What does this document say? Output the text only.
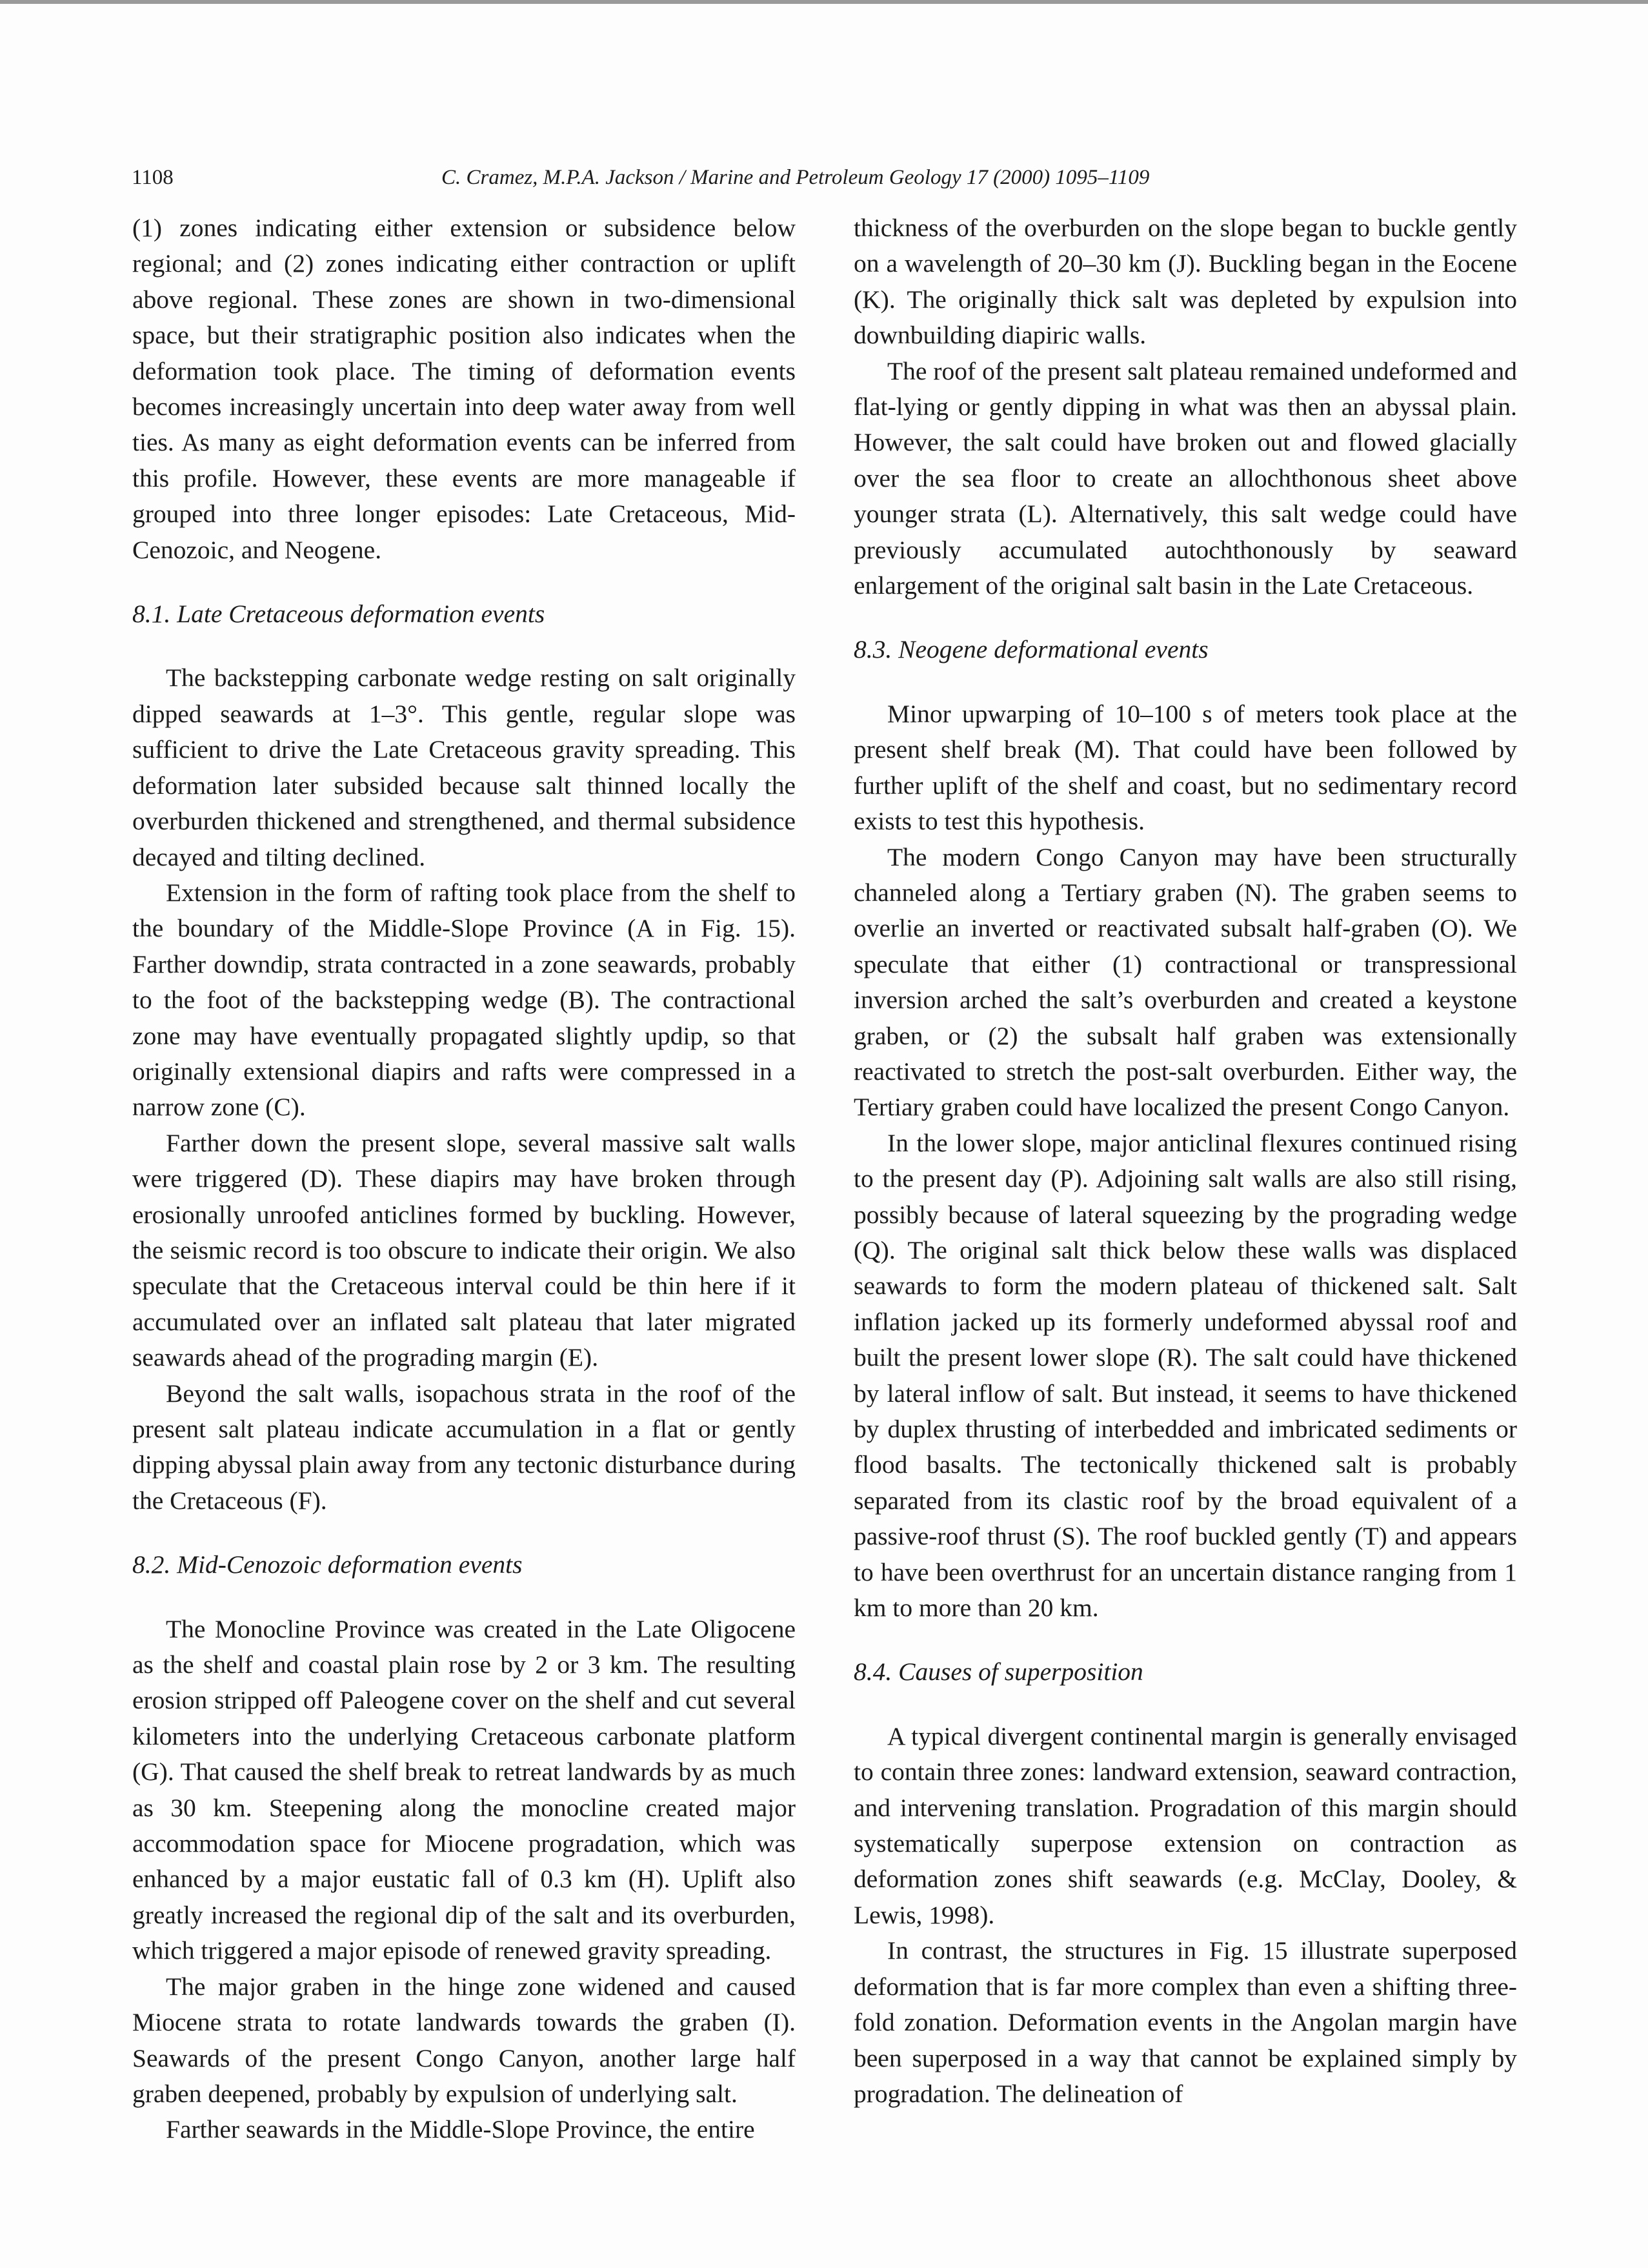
1108	C. Cramez, M.P.A. Jackson / Marine and Petroleum Geology 17 (2000) 1095–1109

(1) zones indicating either extension or subsidence below regional; and (2) zones indicating either contraction or uplift above regional. These zones are shown in two-dimensional space, but their stratigraphic position also indicates when the deformation took place. The timing of deformation events becomes increasingly uncertain into deep water away from well ties. As many as eight deformation events can be inferred from this profile. However, these events are more manageable if grouped into three longer episodes: Late Cretaceous, Mid-Cenozoic, and Neogene.

8.1. Late Cretaceous deformation events

The backstepping carbonate wedge resting on salt originally dipped seawards at 1–3°. This gentle, regular slope was sufficient to drive the Late Cretaceous gravity spreading. This deformation later subsided because salt thinned locally the overburden thickened and strengthened, and thermal subsidence decayed and tilting declined.

Extension in the form of rafting took place from the shelf to the boundary of the Middle-Slope Province (A in Fig. 15). Farther downdip, strata contracted in a zone seawards, probably to the foot of the backstepping wedge (B). The contractional zone may have eventually propagated slightly updip, so that originally extensional diapirs and rafts were compressed in a narrow zone (C).

Farther down the present slope, several massive salt walls were triggered (D). These diapirs may have broken through erosionally unroofed anticlines formed by buckling. However, the seismic record is too obscure to indicate their origin. We also speculate that the Cretaceous interval could be thin here if it accumulated over an inflated salt plateau that later migrated seawards ahead of the prograding margin (E).

Beyond the salt walls, isopachous strata in the roof of the present salt plateau indicate accumulation in a flat or gently dipping abyssal plain away from any tectonic disturbance during the Cretaceous (F).

8.2. Mid-Cenozoic deformation events

The Monocline Province was created in the Late Oligocene as the shelf and coastal plain rose by 2 or 3 km. The resulting erosion stripped off Paleogene cover on the shelf and cut several kilometers into the underlying Cretaceous carbonate platform (G). That caused the shelf break to retreat landwards by as much as 30 km. Steepening along the monocline created major accommodation space for Miocene progradation, which was enhanced by a major eustatic fall of 0.3 km (H). Uplift also greatly increased the regional dip of the salt and its overburden, which triggered a major episode of renewed gravity spreading.

The major graben in the hinge zone widened and caused Miocene strata to rotate landwards towards the graben (I). Seawards of the present Congo Canyon, another large half graben deepened, probably by expulsion of underlying salt.

Farther seawards in the Middle-Slope Province, the entire

thickness of the overburden on the slope began to buckle gently on a wavelength of 20–30 km (J). Buckling began in the Eocene (K). The originally thick salt was depleted by expulsion into downbuilding diapiric walls.

The roof of the present salt plateau remained undeformed and flat-lying or gently dipping in what was then an abyssal plain. However, the salt could have broken out and flowed glacially over the sea floor to create an allochthonous sheet above younger strata (L). Alternatively, this salt wedge could have previously accumulated autochthonously by seaward enlargement of the original salt basin in the Late Cretaceous.

8.3. Neogene deformational events

Minor upwarping of 10–100 s of meters took place at the present shelf break (M). That could have been followed by further uplift of the shelf and coast, but no sedimentary record exists to test this hypothesis.

The modern Congo Canyon may have been structurally channeled along a Tertiary graben (N). The graben seems to overlie an inverted or reactivated subsalt half-graben (O). We speculate that either (1) contractional or transpressional inversion arched the salt’s overburden and created a keystone graben, or (2) the subsalt half graben was extensionally reactivated to stretch the post-salt overburden. Either way, the Tertiary graben could have localized the present Congo Canyon.

In the lower slope, major anticlinal flexures continued rising to the present day (P). Adjoining salt walls are also still rising, possibly because of lateral squeezing by the prograding wedge (Q). The original salt thick below these walls was displaced seawards to form the modern plateau of thickened salt. Salt inflation jacked up its formerly undeformed abyssal roof and built the present lower slope (R). The salt could have thickened by lateral inflow of salt. But instead, it seems to have thickened by duplex thrusting of interbedded and imbricated sediments or flood basalts. The tectonically thickened salt is probably separated from its clastic roof by the broad equivalent of a passive-roof thrust (S). The roof buckled gently (T) and appears to have been overthrust for an uncertain distance ranging from 1 km to more than 20 km.

8.4. Causes of superposition

A typical divergent continental margin is generally envisaged to contain three zones: landward extension, seaward contraction, and intervening translation. Progradation of this margin should systematically superpose extension on contraction as deformation zones shift seawards (e.g. McClay, Dooley, & Lewis, 1998).

In contrast, the structures in Fig. 15 illustrate superposed deformation that is far more complex than even a shifting three-fold zonation. Deformation events in the Angolan margin have been superposed in a way that cannot be explained simply by progradation. The delineation of
